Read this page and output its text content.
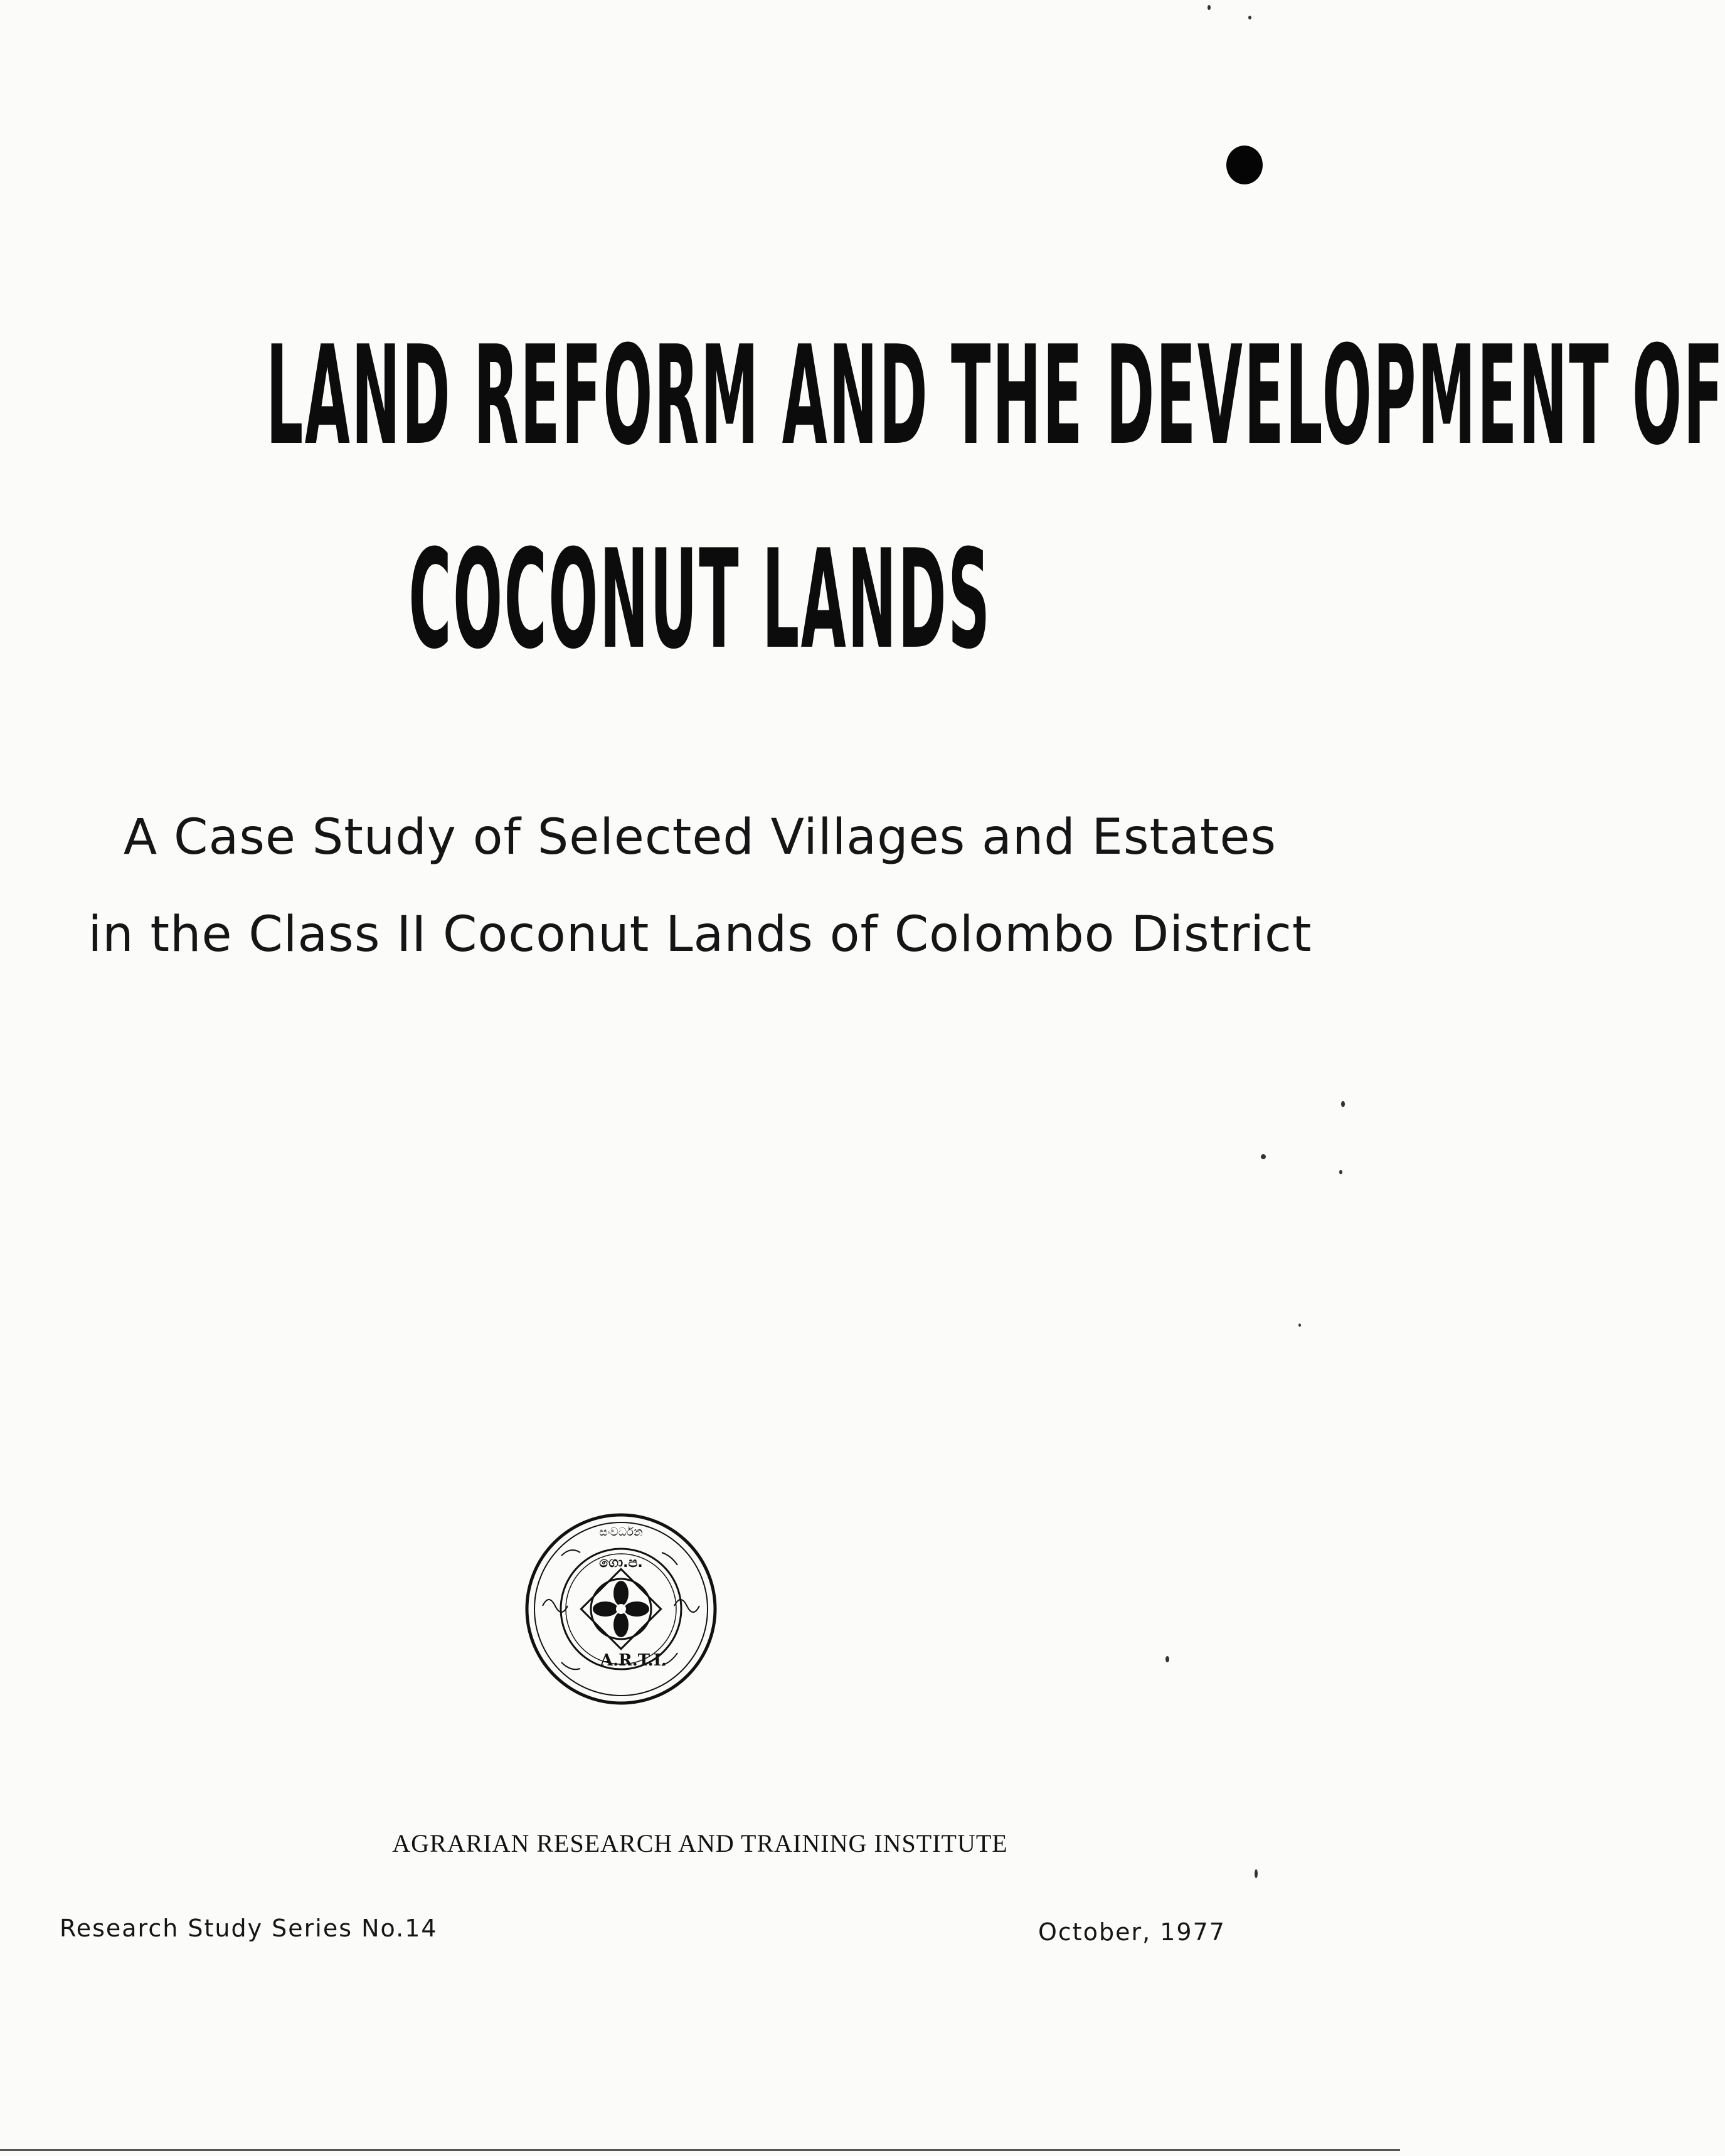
LAND REFORM AND THE DEVELOPMENT OF
COCONUT LANDS
A Case Study of Selected Villages and Estates
in the Class II Coconut Lands of Colombo District
ගො.ප.
සංවර්ධන
A.R.T.I.
AGRARIAN RESEARCH AND TRAINING INSTITUTE
Research Study Series No.14	October, 1977
